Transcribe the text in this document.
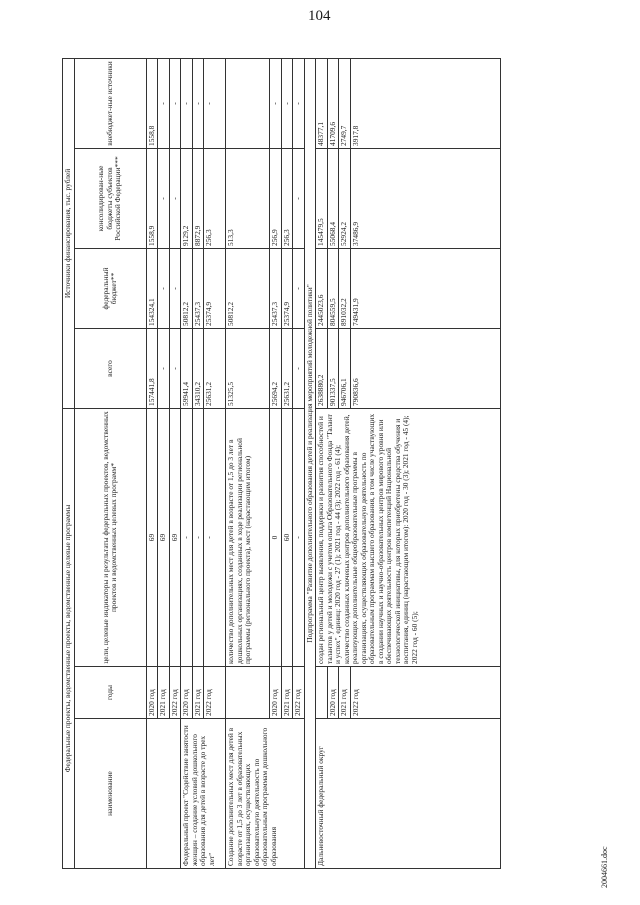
104
2004661.doc
Федеральные проекты, ведомственные проекты, ведомственные целевые программы			Источники финансирования, тыс. рублей			
наименование	годы	цели, целевые индикаторы и результаты федеральных проектов, ведомственных проектов и ведомственных целевых программ*	всего	федеральный бюджет**	консолидирован-ные бюджеты субъектов Российской Федерации***	внебюджет-ные источники
	2020 год	69	157441,8	154324,1	1558,9	1558,8
	2021 год	69	-	-	-	-
	2022 год	69	-	-	-	-
Федеральный проект "Содействие занятости женщин – создание условий дошкольного образования для детей в возрасте до трех лет"	2020 год	-	59941,4	50812,2	9129,2	-
	2021 год	-	34310,2	25437,3	8872,9	-
	2022 год	-	25631,2	25374,9	256,3	-
Создание дополнительных мест для детей в возрасте от 1,5 до 3 лет в образовательных организациях, осуществляющих образовательную деятельность по образовательным программам дошкольного образования		количество дополнительных мест для детей в возрасте от 1,5 до 3 лет в дошкольных организациях, созданных в ходе реализации региональной программы (регионального проекта), мест (нарастающим итогом)	51325,5	50812,2	513,3	
	2020 год	0	25694,2	25437,3	256,9	-
	2021 год	60	25631,2	25374,9	256,3	-
	2022 год	-	-	-	-	-
Подпрограмма "Развитие дополнительного образования детей и реализация мероприятий молодежной политики"						
Дальневосточный федеральный округ		создан региональный центр выявления, поддержки и развития способностей и талантов у детей и молодежи с учетом опыта Образовательного Фонда "Талант и успех", единиц: 2020 год - 27 (1); 2021 год - 44 (3); 2022 год - 61 (4); количество созданных ключевых центров дополнительного образования детей, реализующих дополнительные общеобразовательные программы в организациях, осуществляющих образовательную деятельность по образовательным программам высшего образования, в том числе участвующих в создании научных и научно-образовательных центров мирового уровня или обеспечивающих деятельность центров компетенций Национальной технологической инициативы, для которых приобретены средства обучения и воспитания, единиц (нарастающим итогом): 2020 год - 30 (3); 2021 год - 45 (4); 2022 год - 60 (5);	2638880,2	2445023,6	145479,5	48377,1
	2020 год		901337,5	804559,5	55068,4	41709,6
	2021 год		946706,1	891032,2	52924,2	2749,7
	2022 год		790836,6	749431,9	37486,9	3917,8
